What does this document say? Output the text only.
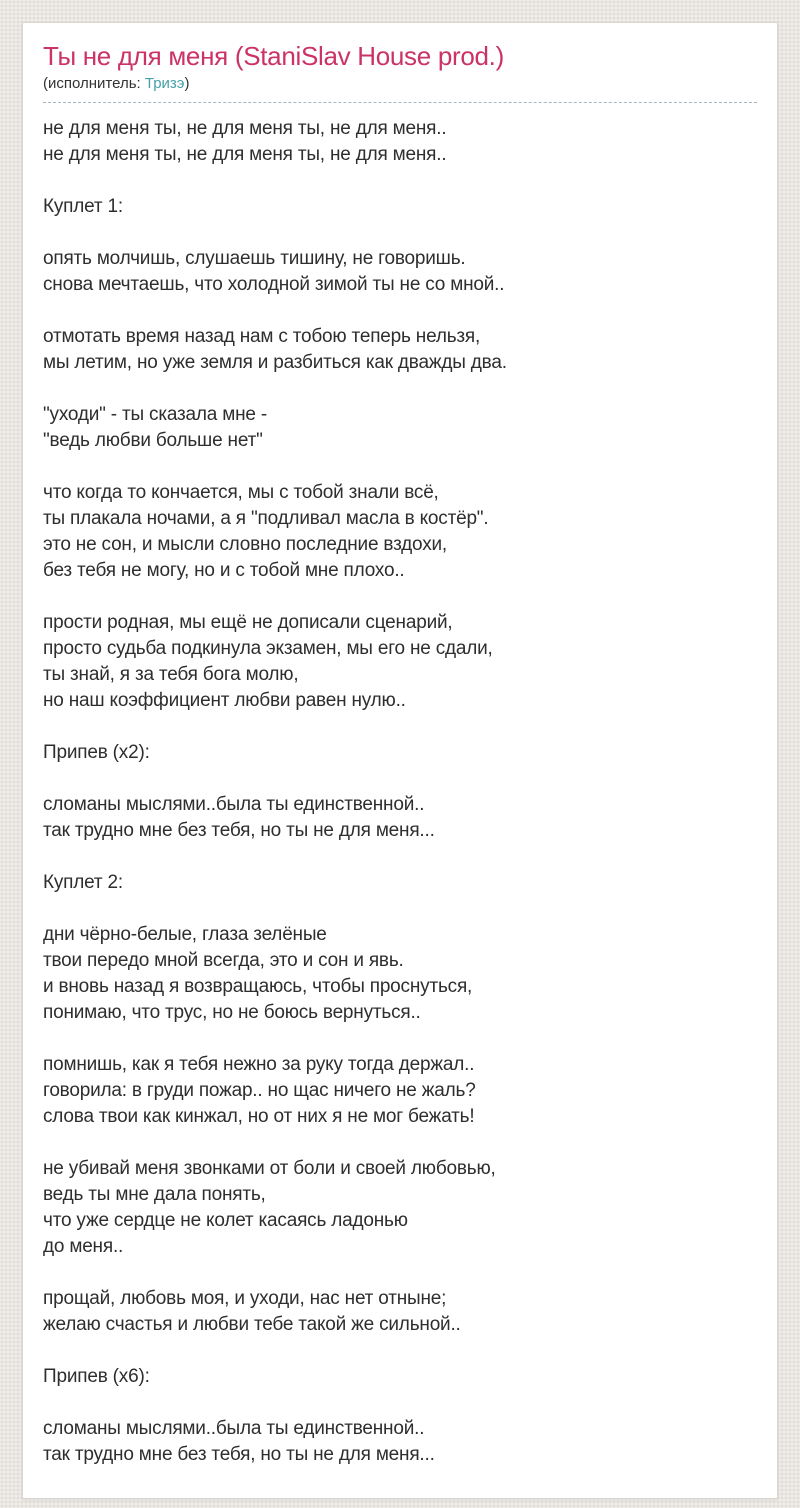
Ты не для меня (StaniSlav House prod.)
(исполнитель: Тризэ)
не для меня ты, не для меня ты, не для меня..
не для меня ты, не для меня ты, не для меня..
Куплет 1:
опять молчишь, слушаешь тишину, не говоришь.
снова мечтаешь, что холодной зимой ты не со мной..
отмотать время назад нам с тобою теперь нельзя,
мы летим, но уже земля и разбиться как дважды два.
"уходи" - ты сказала мне -
"ведь любви больше нет"
что когда то кончается, мы с тобой знали всё,
ты плакала ночами, а я "подливал масла в костёр".
это не сон, и мысли словно последние вздохи,
без тебя не могу, но и с тобой мне плохо..
прости родная, мы ещё не дописали сценарий,
просто судьба подкинула экзамен, мы его не сдали,
ты знай, я за тебя бога молю,
но наш коэффициент любви равен нулю..
Припев (x2):
сломаны мыслями..была ты единственной..
так трудно мне без тебя, но ты не для меня...
Куплет 2:
дни чёрно-белые, глаза зелёные
твои передо мной всегда, это и сон и явь.
и вновь назад я возвращаюсь, чтобы проснуться,
понимаю, что трус, но не боюсь вернуться..
помнишь, как я тебя нежно за руку тогда держал..
говорила: в груди пожар.. но щас ничего не жаль?
слова твои как кинжал, но от них я не мог бежать!
не убивай меня звонками от боли и своей любовью,
ведь ты мне дала понять,
что уже сердце не колет касаясь ладонью
до меня..
прощай, любовь моя, и уходи, нас нет отныне;
желаю счастья и любви тебе такой же сильной..
Припев (x6):
сломаны мыслями..была ты единственной..
так трудно мне без тебя, но ты не для меня...
